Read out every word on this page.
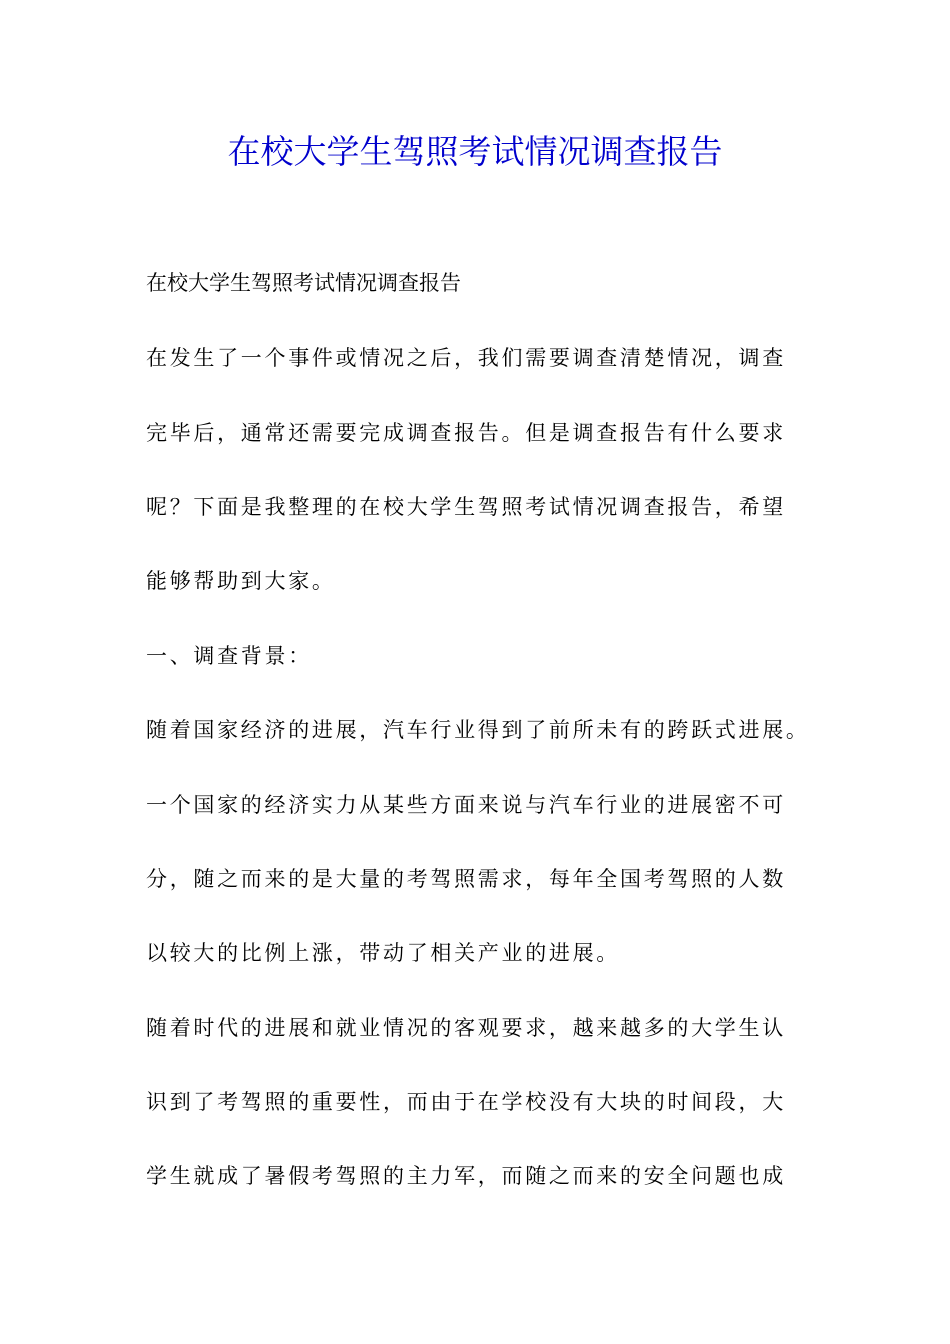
在校大学生驾照考试情况调查报告
在校大学生驾照考试情况调查报告
在发生了一个事件或情况之后，我们需要调查清楚情况，调查
完毕后，通常还需要完成调查报告。但是调查报告有什么要求
呢？下面是我整理的在校大学生驾照考试情况调查报告，希望
能够帮助到大家。
一、调查背景：
随着国家经济的进展，汽车行业得到了前所未有的跨跃式进展。
一个国家的经济实力从某些方面来说与汽车行业的进展密不可
分，随之而来的是大量的考驾照需求，每年全国考驾照的人数
以较大的比例上涨，带动了相关产业的进展。
随着时代的进展和就业情况的客观要求，越来越多的大学生认
识到了考驾照的重要性，而由于在学校没有大块的时间段，大
学生就成了暑假考驾照的主力军，而随之而来的安全问题也成
